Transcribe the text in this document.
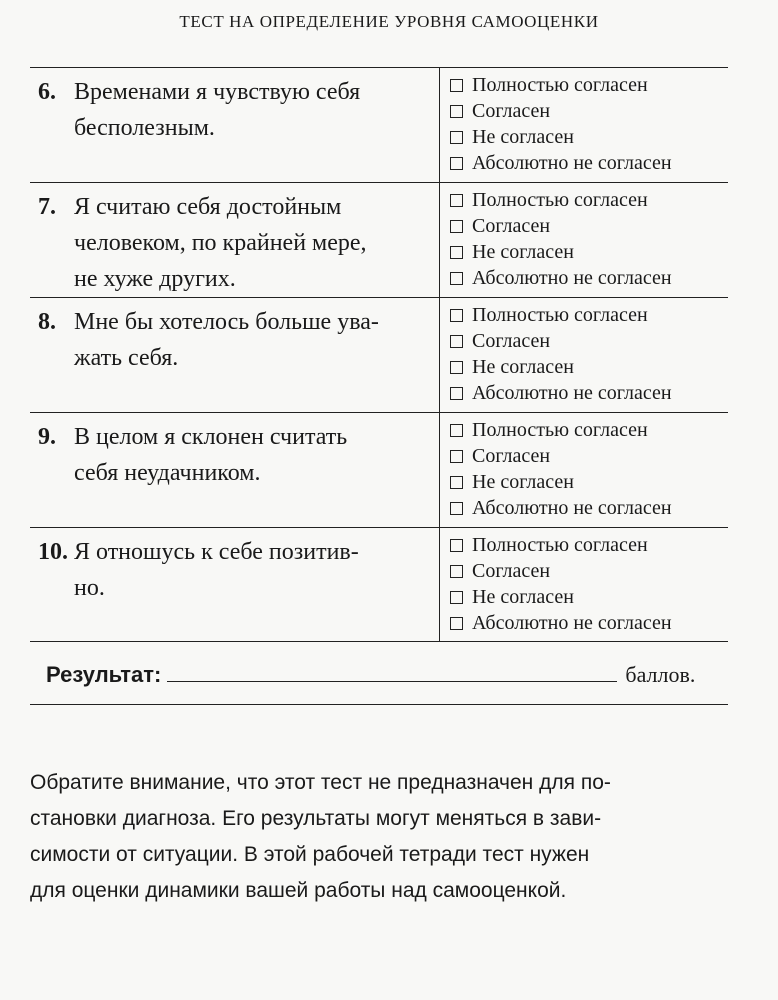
ТЕСТ НА ОПРЕДЕЛЕНИЕ УРОВНЯ САМООЦЕНКИ
6. Временами я чувствую себя
бесполезным.
Полностью согласен
Согласен
Не согласен
Абсолютно не согласен
7. Я считаю себя достойным
человеком, по крайней мере,
не хуже других.
Полностью согласен
Согласен
Не согласен
Абсолютно не согласен
8. Мне бы хотелось больше ува-
жать себя.
Полностью согласен
Согласен
Не согласен
Абсолютно не согласен
9. В целом я склонен считать
себя неудачником.
Полностью согласен
Согласен
Не согласен
Абсолютно не согласен
10. Я отношусь к себе позитив-
но.
Полностью согласен
Согласен
Не согласен
Абсолютно не согласен
Результат:	баллов.
Обратите внимание, что этот тест не предназначен для по-
становки диагноза. Его результаты могут меняться в зави-
симости от ситуации. В этой рабочей тетради тест нужен
для оценки динамики вашей работы над самооценкой.
